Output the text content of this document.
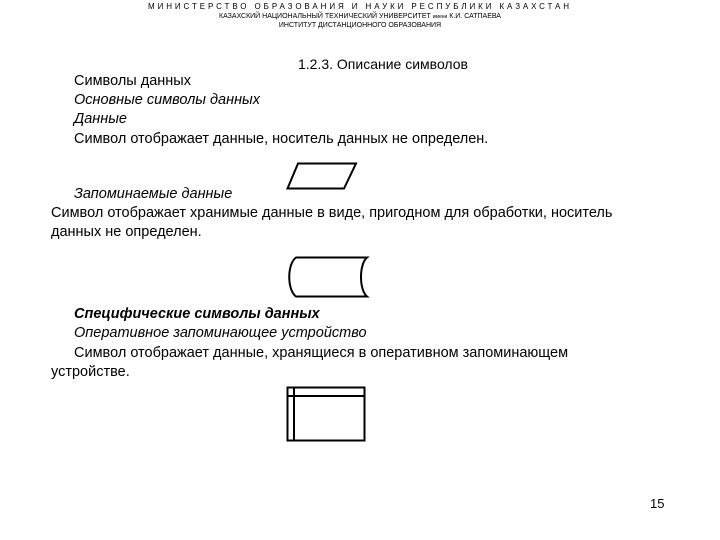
МИНИСТЕРСТВО ОБРАЗОВАНИЯ И НАУКИ РЕСПУБЛИКИ КАЗАХСТАН
КАЗАХСКИЙ НАЦИОНАЛЬНЫЙ ТЕХНИЧЕСКИЙ УНИВЕРСИТЕТ имени К.И. САТПАЕВА
ИНСТИТУТ ДИСТАНЦИОННОГО ОБРАЗОВАНИЯ
1.2.3. Описание символов
Символы данных
Основные символы данных
Данные
Символ отображает данные, носитель данных не определен.
Запоминаемые данные
Символ отображает хранимые данные в виде, пригодном для обработки, носитель
данных не определен.
Специфические символы данных
Оперативное запоминающее устройство
Символ отображает данные, хранящиеся в оперативном запоминающем
устройстве.
15
